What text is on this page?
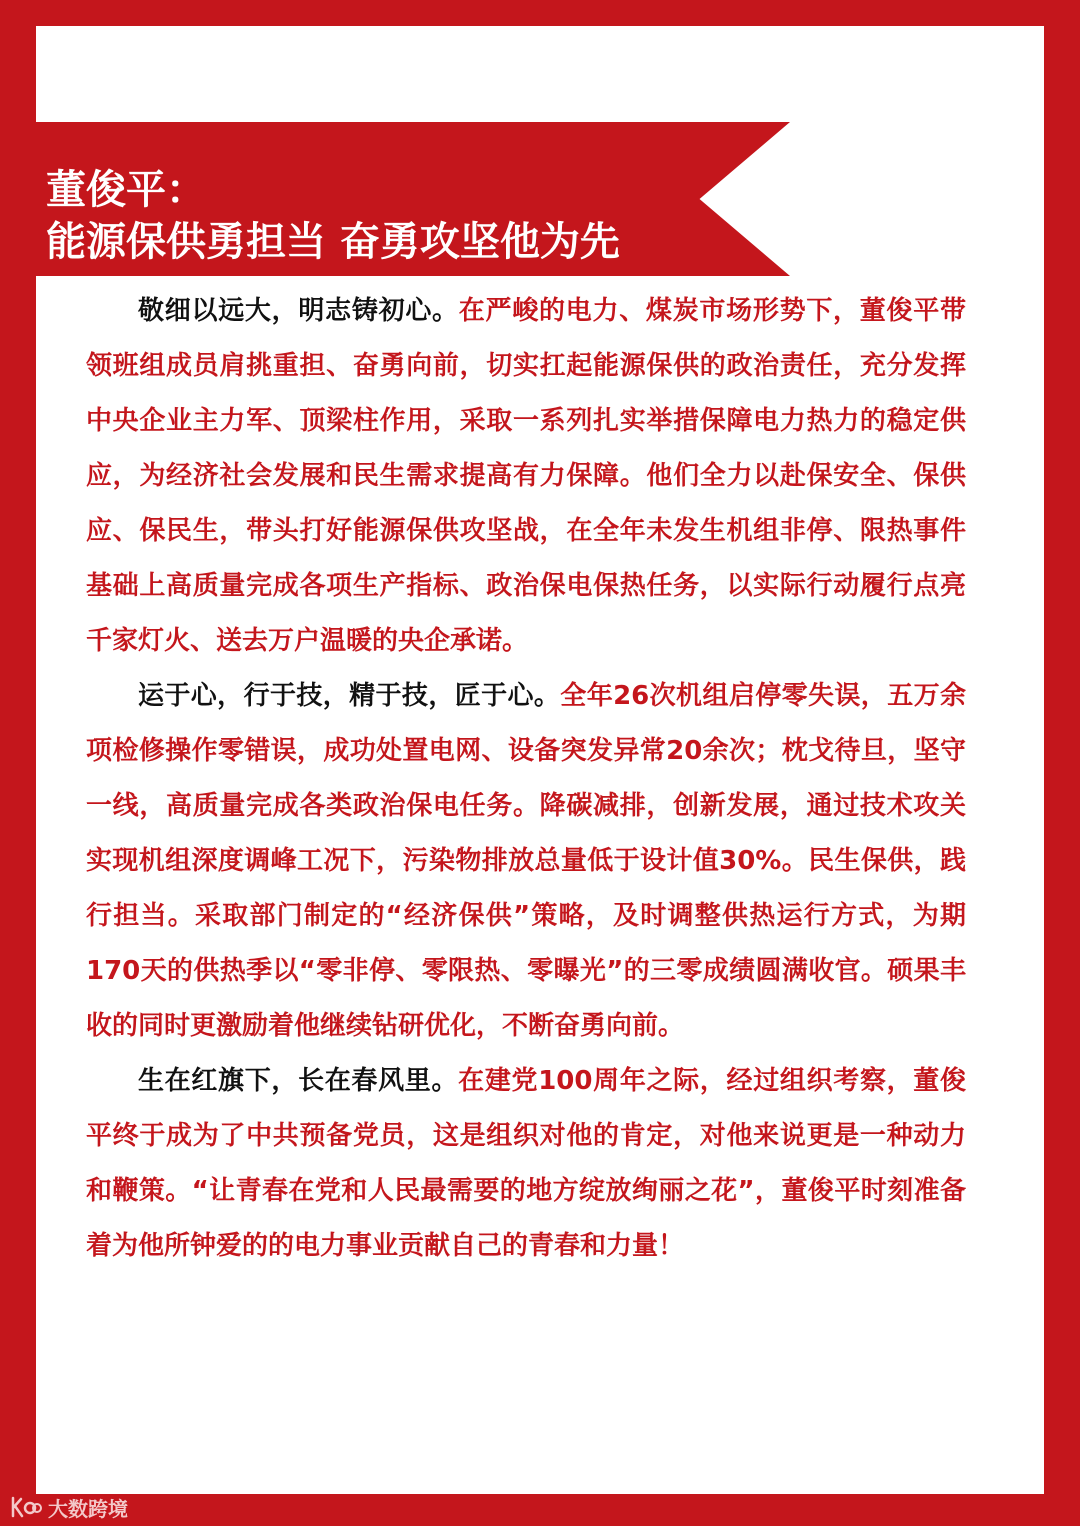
董俊平：
能源保供勇担当 奋勇攻坚他为先

敬细以远大，明志铸初心。在严峻的电力、煤炭市场形势下，董俊平带领班组成员肩挑重担、奋勇向前，切实扛起能源保供的政治责任，充分发挥中央企业主力军、顶梁柱作用，采取一系列扎实举措保障电力热力的稳定供应，为经济社会发展和民生需求提高有力保障。他们全力以赴保安全、保供应、保民生，带头打好能源保供攻坚战，在全年未发生机组非停、限热事件基础上高质量完成各项生产指标、政治保电保热任务，以实际行动履行点亮千家灯火、送去万户温暖的央企承诺。

运于心，行于技，精于技，匠于心。全年26次机组启停零失误，五万余项检修操作零错误，成功处置电网、设备突发异常20余次；枕戈待旦，坚守一线，高质量完成各类政治保电任务。降碳减排，创新发展，通过技术攻关实现机组深度调峰工况下，污染物排放总量低于设计值30%。民生保供，践行担当。采取部门制定的“经济保供”策略，及时调整供热运行方式，为期170天的供热季以“零非停、零限热、零曝光”的三零成绩圆满收官。硕果丰收的同时更激励着他继续钻研优化，不断奋勇向前。

生在红旗下，长在春风里。在建党100周年之际，经过组织考察，董俊平终于成为了中共预备党员，这是组织对他的肯定，对他来说更是一种动力和鞭策。“让青春在党和人民最需要的地方绽放绚丽之花”，董俊平时刻准备着为他所钟爱的的电力事业贡献自己的青春和力量！

大数跨境
